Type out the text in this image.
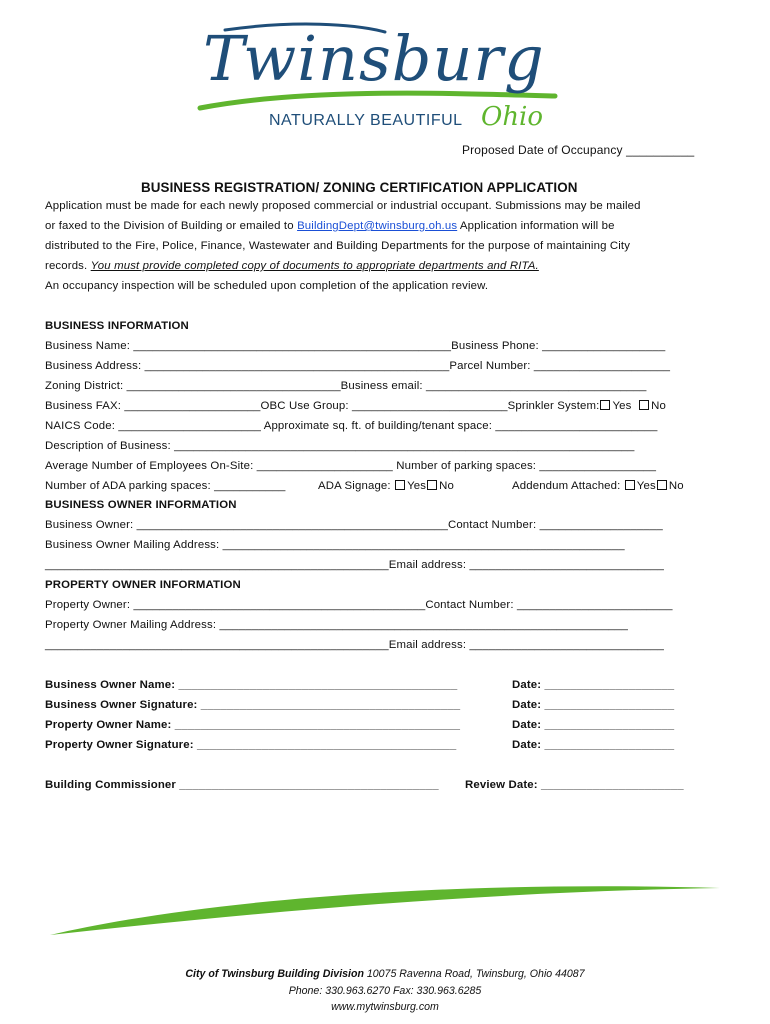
Twinsburg
NATURALLY BEAUTIFUL Ohio
Proposed Date of Occupancy __________
BUSINESS REGISTRATION/ ZONING CERTIFICATION APPLICATION
Application must be made for each newly proposed commercial or industrial occupant. Submissions may be mailed
or faxed to the Division of Building or emailed to BuildingDept@twinsburg.oh.us Application information will be
distributed to the Fire, Police, Finance, Wastewater and Building Departments for the purpose of maintaining City
records. You must provide completed copy of documents to appropriate departments and RITA.
An occupancy inspection will be scheduled upon completion of the application review.
BUSINESS INFORMATION
Business Name: _________________________________________________Business Phone: ___________________
Business Address: _______________________________________________Parcel Number: _____________________
Zoning District: _________________________________Business email: __________________________________
Business FAX: _____________________OBC Use Group: ________________________Sprinkler System: Yes No
NAICS Code: ______________________ Approximate sq. ft. of building/tenant space: _________________________
Description of Business: _______________________________________________________________________
Average Number of Employees On-Site: _____________________ Number of parking spaces: __________________
Number of ADA parking spaces: ___________	ADA Signage: Yes No	Addendum Attached: Yes No
BUSINESS OWNER INFORMATION
Business Owner: ________________________________________________Contact Number: ___________________
Business Owner Mailing Address: ______________________________________________________________
_____________________________________________________Email address: ______________________________
PROPERTY OWNER INFORMATION
Property Owner: _____________________________________________Contact Number: ________________________
Property Owner Mailing Address: _______________________________________________________________
_____________________________________________________Email address: ______________________________
Business Owner Name: ___________________________________________	Date: ____________________
Business Owner Signature: ________________________________________	Date: ____________________
Property Owner Name: ____________________________________________	Date: ____________________
Property Owner Signature: ________________________________________	Date: ____________________
Building Commissioner ________________________________________ Review Date: ______________________
City of Twinsburg Building Division 10075 Ravenna Road, Twinsburg, Ohio 44087
Phone: 330.963.6270 Fax: 330.963.6285
www.mytwinsburg.com
